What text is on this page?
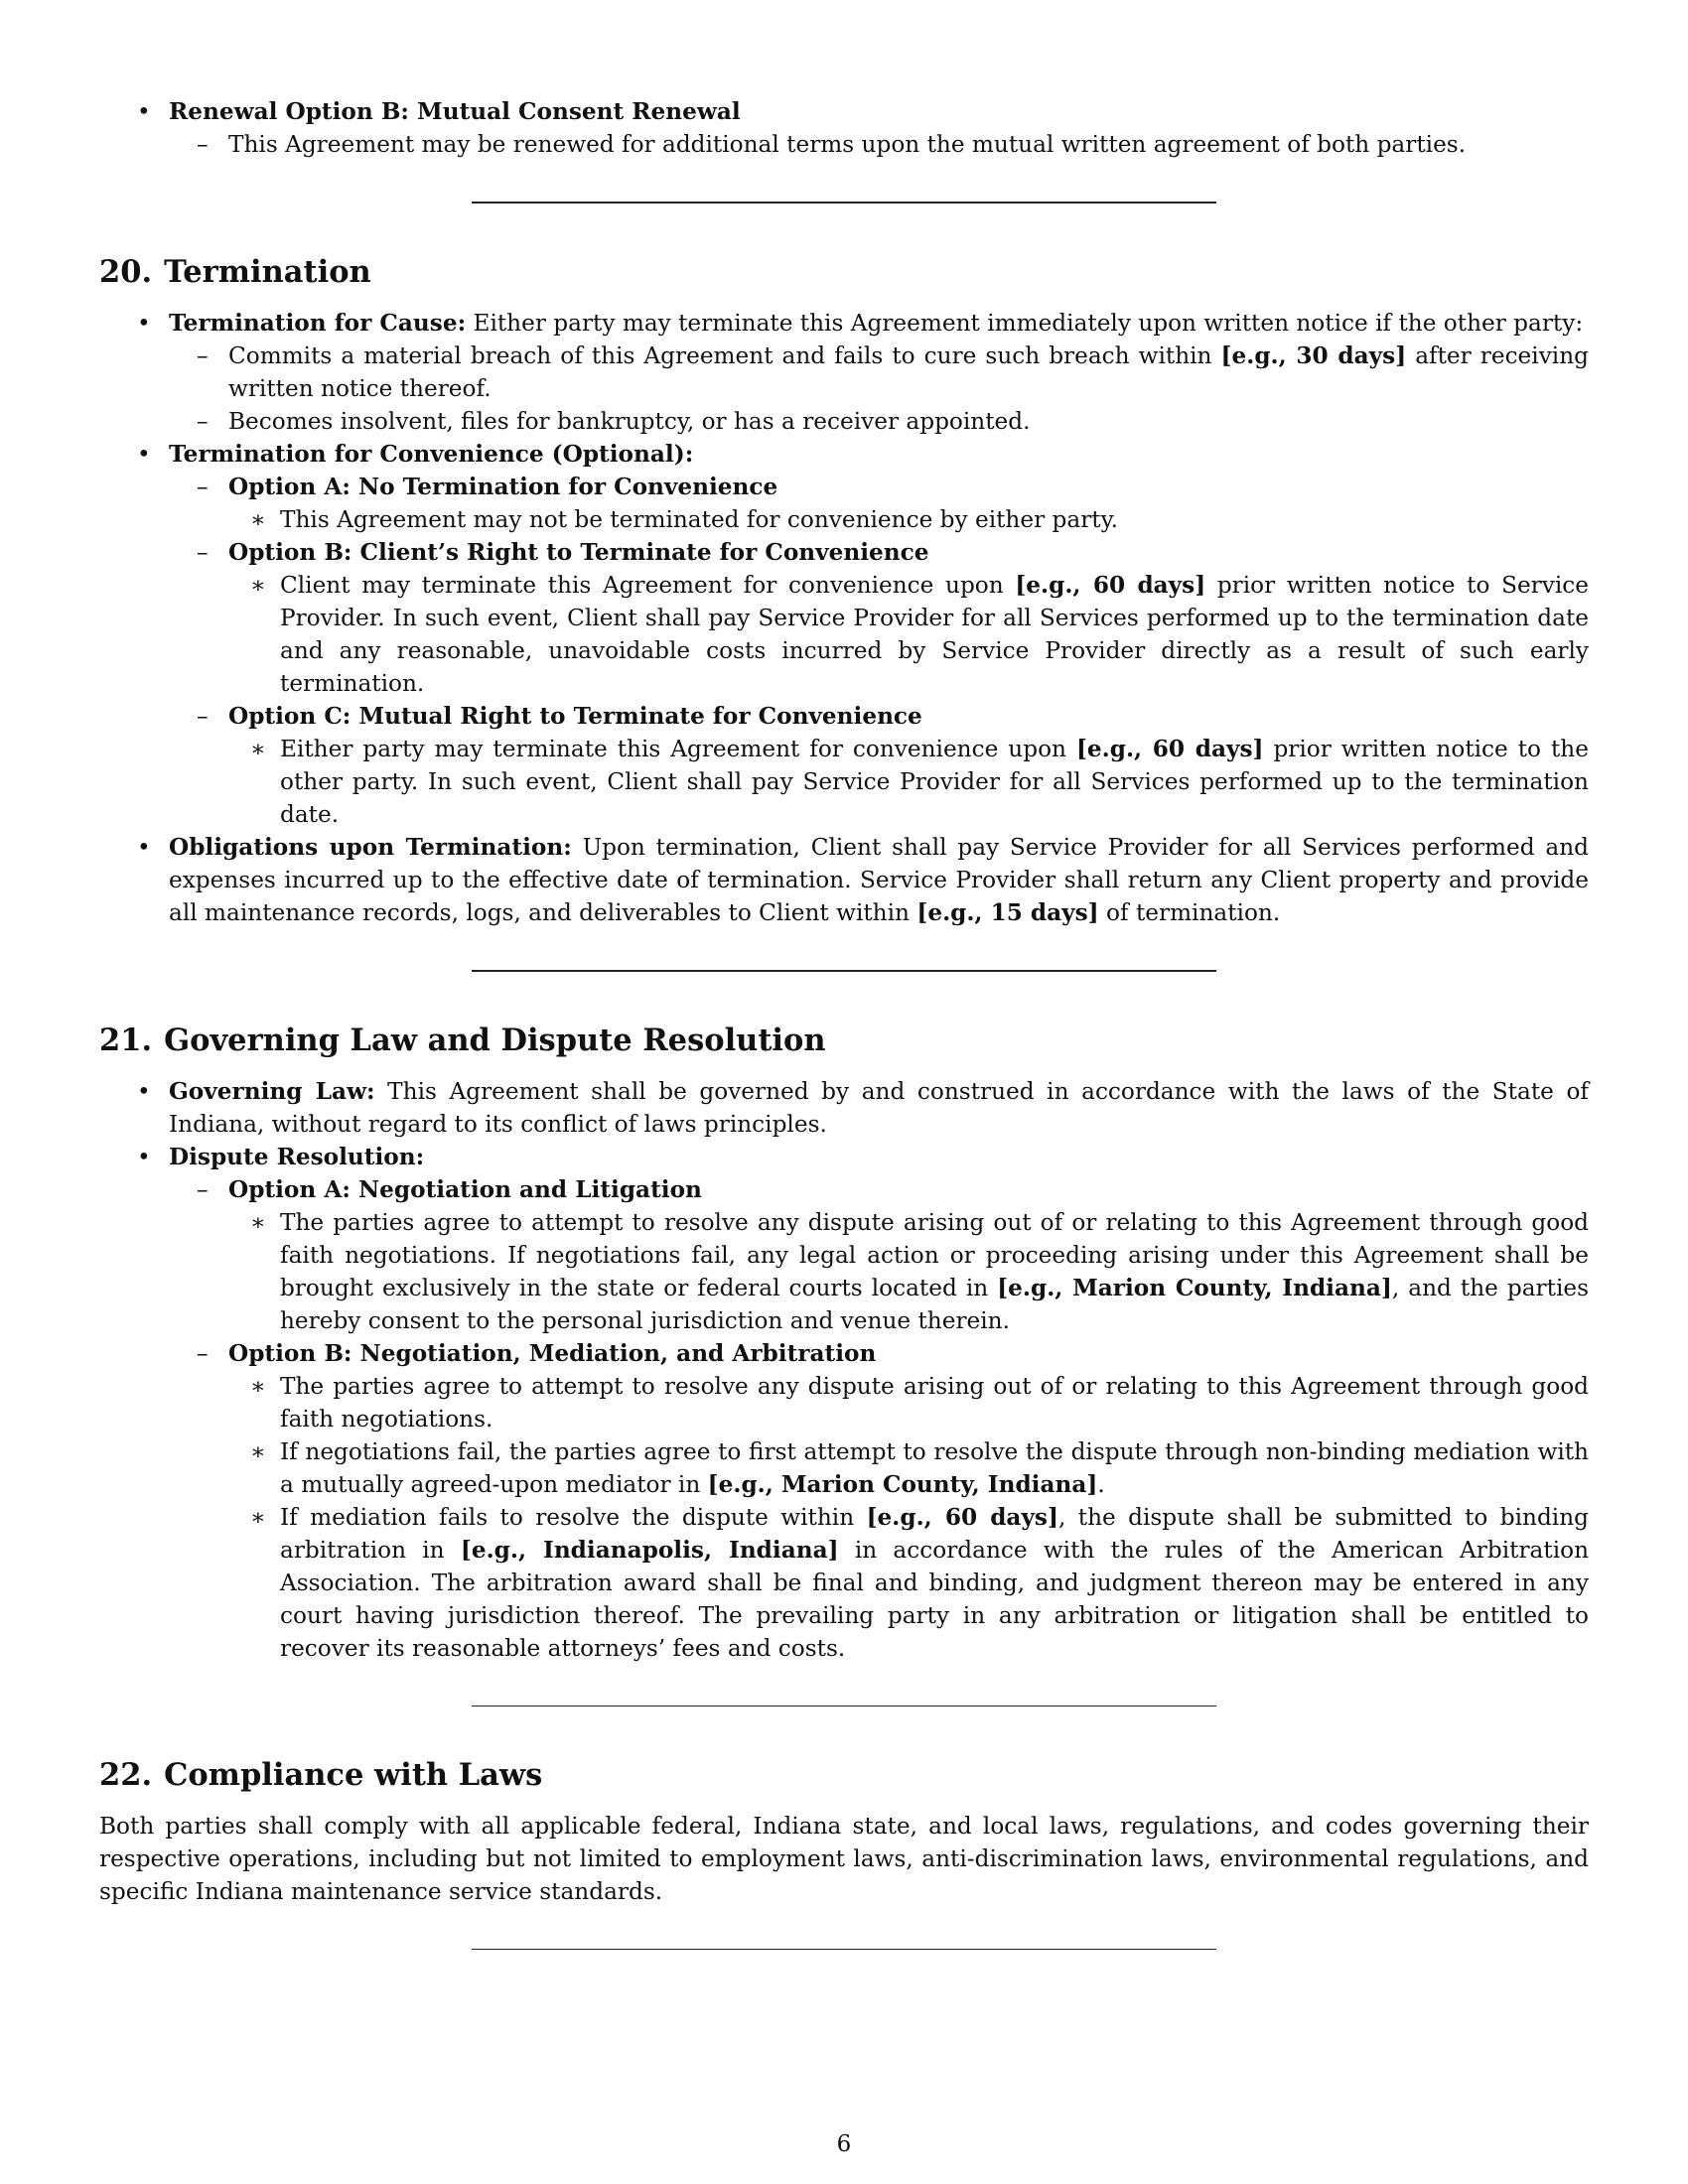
• Renewal Option B: Mutual Consent Renewal
– This Agreement may be renewed for additional terms upon the mutual written agreement of both parties.
20. Termination
• Termination for Cause: Either party may terminate this Agreement immediately upon written notice if the other party:
– Commits a material breach of this Agreement and fails to cure such breach within [e.g., 30 days] after receiving written notice thereof.
– Becomes insolvent, files for bankruptcy, or has a receiver appointed.
• Termination for Convenience (Optional):
– Option A: No Termination for Convenience
∗ This Agreement may not be terminated for convenience by either party.
– Option B: Client’s Right to Terminate for Convenience
∗ Client may terminate this Agreement for convenience upon [e.g., 60 days] prior written notice to Service Provider. In such event, Client shall pay Service Provider for all Services performed up to the termination date and any reasonable, unavoidable costs incurred by Service Provider directly as a result of such early termination.
– Option C: Mutual Right to Terminate for Convenience
∗ Either party may terminate this Agreement for convenience upon [e.g., 60 days] prior written notice to the other party. In such event, Client shall pay Service Provider for all Services performed up to the termination date.
• Obligations upon Termination: Upon termination, Client shall pay Service Provider for all Services performed and expenses incurred up to the effective date of termination. Service Provider shall return any Client property and provide all maintenance records, logs, and deliverables to Client within [e.g., 15 days] of termination.
21. Governing Law and Dispute Resolution
• Governing Law: This Agreement shall be governed by and construed in accordance with the laws of the State of Indiana, without regard to its conflict of laws principles.
• Dispute Resolution:
– Option A: Negotiation and Litigation
∗ The parties agree to attempt to resolve any dispute arising out of or relating to this Agreement through good faith negotiations. If negotiations fail, any legal action or proceeding arising under this Agreement shall be brought exclusively in the state or federal courts located in [e.g., Marion County, Indiana], and the parties hereby consent to the personal jurisdiction and venue therein.
– Option B: Negotiation, Mediation, and Arbitration
∗ The parties agree to attempt to resolve any dispute arising out of or relating to this Agreement through good faith negotiations.
∗ If negotiations fail, the parties agree to first attempt to resolve the dispute through non-binding mediation with a mutually agreed-upon mediator in [e.g., Marion County, Indiana].
∗ If mediation fails to resolve the dispute within [e.g., 60 days], the dispute shall be submitted to binding arbitration in [e.g., Indianapolis, Indiana] in accordance with the rules of the American Arbitration Association. The arbitration award shall be final and binding, and judgment thereon may be entered in any court having jurisdiction thereof. The prevailing party in any arbitration or litigation shall be entitled to recover its reasonable attorneys’ fees and costs.
22. Compliance with Laws
Both parties shall comply with all applicable federal, Indiana state, and local laws, regulations, and codes governing their respective operations, including but not limited to employment laws, anti-discrimination laws, environmental regulations, and specific Indiana maintenance service standards.
6
